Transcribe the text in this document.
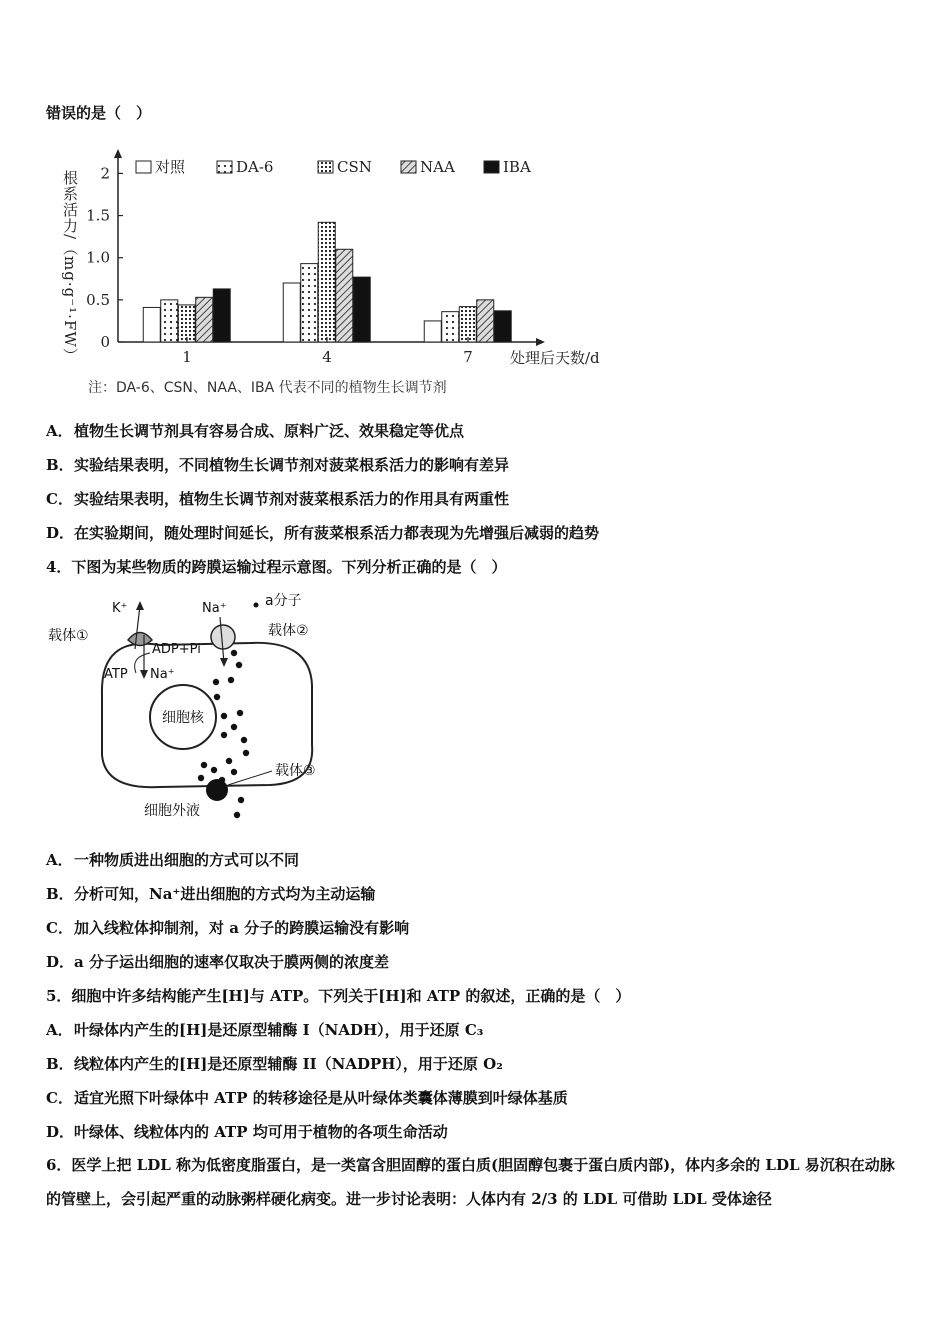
错误的是（　）
根系活力/（mg·g⁻¹·FW） 0
0.5
1.0
1.5
2
1	4	7
对照	DA-6	CSN	NAA	IBA
处理后天数/d
注：DA-6、CSN、NAA、IBA 代表不同的植物生长调节剂
A．植物生长调节剂具有容易合成、原料广泛、效果稳定等优点
B．实验结果表明，不同植物生长调节剂对菠菜根系活力的影响有差异
C．实验结果表明，植物生长调节剂对菠菜根系活力的作用具有两重性
D．在实验期间，随处理时间延长，所有菠菜根系活力都表现为先增强后减弱的趋势
4．下图为某些物质的跨膜运输过程示意图。下列分析正确的是（　）
细胞核
载体①
K⁺
ADP+Pi
ATP Na⁺
载体②
Na⁺	a分子
载体③
细胞外液
A．一种物质进出细胞的方式可以不同
B．分析可知，Na⁺进出细胞的方式均为主动运输
C．加入线粒体抑制剂，对 a 分子的跨膜运输没有影响
D．a 分子运出细胞的速率仅取决于膜两侧的浓度差
5．细胞中许多结构能产生[H]与 ATP。下列关于[H]和 ATP 的叙述，正确的是（　）
A．叶绿体内产生的[H]是还原型辅酶 I（NADH），用于还原 C₃
B．线粒体内产生的[H]是还原型辅酶 II（NADPH），用于还原 O₂
C．适宜光照下叶绿体中 ATP 的转移途径是从叶绿体类囊体薄膜到叶绿体基质
D．叶绿体、线粒体内的 ATP 均可用于植物的各项生命活动
6．医学上把 LDL 称为低密度脂蛋白，是一类富含胆固醇的蛋白质(胆固醇包裹于蛋白质内部)，体内多余的 LDL 易沉积在动脉的管壁上，会引起严重的动脉粥样硬化病变。进一步讨论表明：人体内有 2/3 的 LDL 可借助 LDL 受体途径
